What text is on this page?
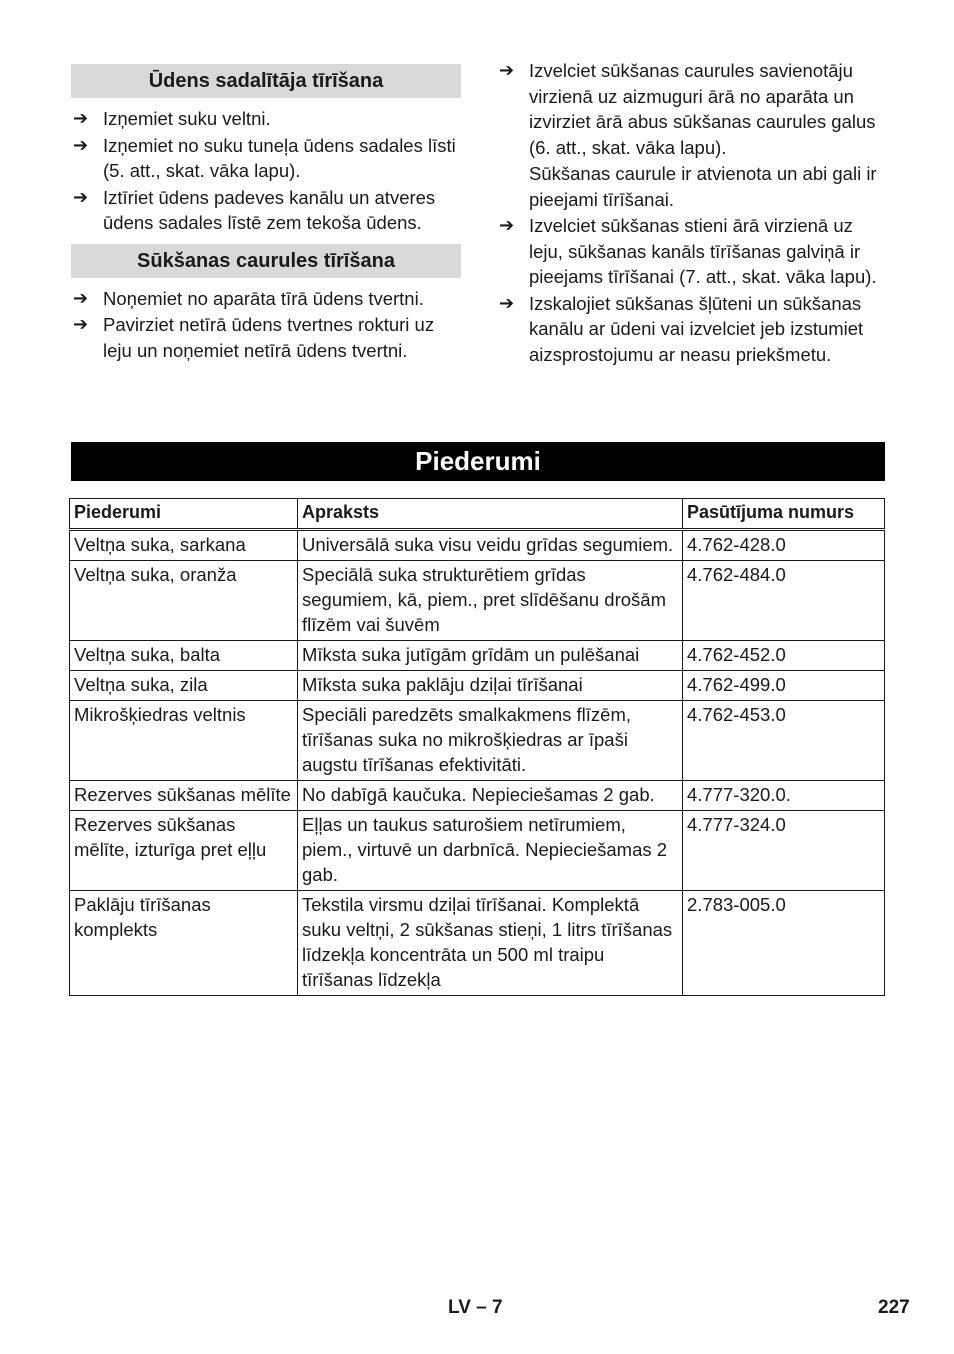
Ūdens sadalītāja tīrīšana
➔ Izņemiet suku veltni.
➔ Izņemiet no suku tuneļa ūdens sadales līsti (5. att., skat. vāka lapu).
➔ Iztīriet ūdens padeves kanālu un atveres ūdens sadales līstē zem tekoša ūdens.
Sūkšanas caurules tīrīšana
➔ Noņemiet no aparāta tīrā ūdens tvertni.
➔ Pavirziet netīrā ūdens tvertnes rokturi uz leju un noņemiet netīrā ūdens tvertni.
➔ Izvelciet sūkšanas caurules savienotāju virzienā uz aizmuguri ārā no aparāta un izvirziet ārā abus sūkšanas caurules galus (6. att., skat. vāka lapu).
Sūkšanas caurule ir atvienota un abi gali ir pieejami tīrīšanai.
➔ Izvelciet sūkšanas stieni ārā virzienā uz leju, sūkšanas kanāls tīrīšanas galviņā ir pieejams tīrīšanai (7. att., skat. vāka lapu).
➔ Izskalojiet sūkšanas šļūteni un sūkšanas kanālu ar ūdeni vai izvelciet jeb izstumiet aizsprostojumu ar neasu priekšmetu.
Piederumi
Piederumi	Apraksts	Pasūtījuma numurs
Veltņa suka, sarkana	Universālā suka visu veidu grīdas segumiem.	4.762-428.0
Veltņa suka, oranža	Speciālā suka strukturētiem grīdas segumiem, kā, piem., pret slīdēšanu drošām flīzēm vai šuvēm	4.762-484.0
Veltņa suka, balta	Mīksta suka jutīgām grīdām un pulēšanai	4.762-452.0
Veltņa suka, zila	Mīksta suka paklāju dziļai tīrīšanai	4.762-499.0
Mikrošķiedras veltnis	Speciāli paredzēts smalkakmens flīzēm, tīrīšanas suka no mikrošķiedras ar īpaši augstu tīrīšanas efektivitāti.	4.762-453.0
Rezerves sūkšanas mēlīte	No dabīgā kaučuka. Nepieciešamas 2 gab.	4.777-320.0.
Rezerves sūkšanas mēlīte, izturīga pret eļļu	Eļļas un taukus saturošiem netīrumiem, piem., virtuvē un darbnīcā. Nepieciešamas 2 gab.	4.777-324.0
Paklāju tīrīšanas komplekts	Tekstila virsmu dziļai tīrīšanai. Komplektā suku veltņi, 2 sūkšanas stieņi, 1 litrs tīrīšanas līdzekļa koncentrāta un 500 ml traipu tīrīšanas līdzekļa	2.783-005.0
LV – 7	227
